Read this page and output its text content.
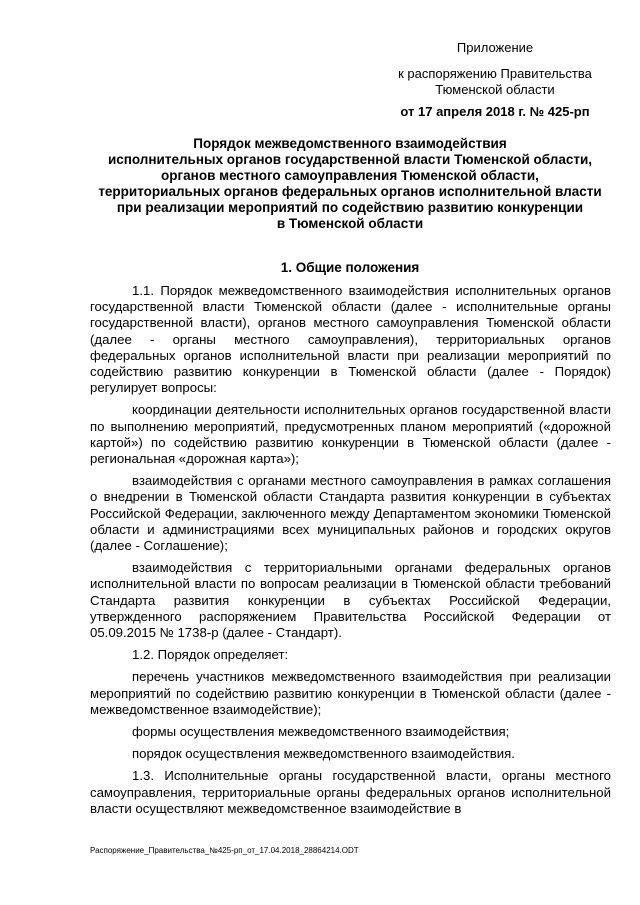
Приложение
к распоряжению Правительства
Тюменской области
от 17 апреля 2018 г. № 425-рп
Порядок межведомственного взаимодействия
исполнительных органов государственной власти Тюменской области,
органов местного самоуправления Тюменской области,
территориальных органов федеральных органов исполнительной власти
при реализации мероприятий по содействию развитию конкуренции
в Тюменской области
1. Общие положения

1.1. Порядок межведомственного взаимодействия исполнительных органов государственной власти Тюменской области (далее - исполнительные органы государственной власти), органов местного самоуправления Тюменской области (далее - органы местного самоуправления), территориальных органов федеральных органов исполнительной власти при реализации мероприятий по содействию развитию конкуренции в Тюменской области (далее - Порядок) регулирует вопросы:

координации деятельности исполнительных органов государственной власти по выполнению мероприятий, предусмотренных планом мероприятий («дорожной картой») по содействию развитию конкуренции в Тюменской области (далее - региональная «дорожная карта»);

взаимодействия с органами местного самоуправления в рамках соглашения о внедрении в Тюменской области Стандарта развития конкуренции в субъектах Российской Федерации, заключенного между Департаментом экономики Тюменской области и администрациями всех муниципальных районов и городских округов (далее - Соглашение);

взаимодействия с территориальными органами федеральных органов исполнительной власти по вопросам реализации в Тюменской области требований Стандарта развития конкуренции в субъектах Российской Федерации, утвержденного распоряжением Правительства Российской Федерации от 05.09.2015 № 1738-р (далее - Стандарт).

1.2. Порядок определяет:

перечень участников межведомственного взаимодействия при реализации мероприятий по содействию развитию конкуренции в Тюменской области (далее - межведомственное взаимодействие);

формы осуществления межведомственного взаимодействия;

порядок осуществления межведомственного взаимодействия.

1.3. Исполнительные органы государственной власти, органы местного самоуправления, территориальные органы федеральных органов исполнительной власти осуществляют межведомственное взаимодействие в

Распоряжение_Правительства_№425-рп_от_17.04.2018_28864214.ODT
